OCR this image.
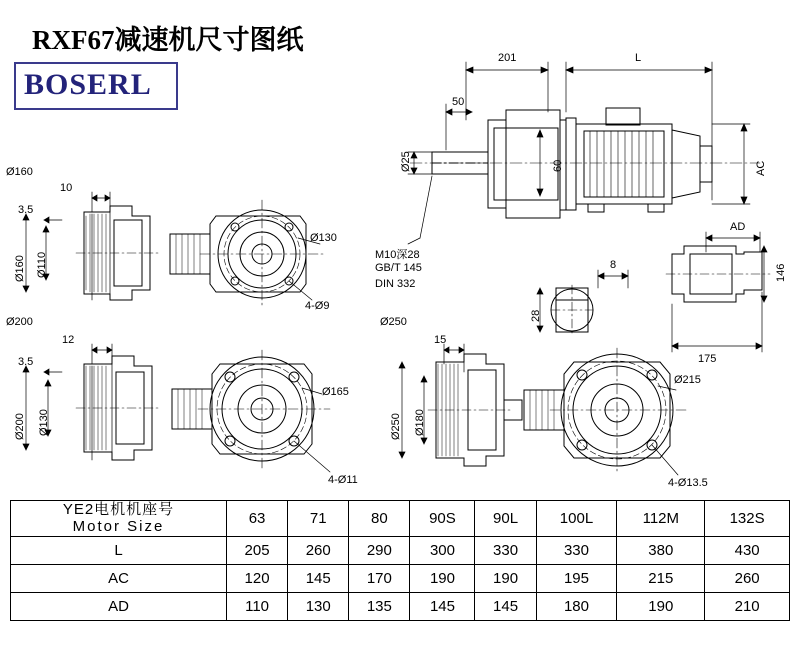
RXF67减速机尺寸图纸
BOSERL
Ø160
10
3.5
Ø160 Ø110
Ø130
4-Ø9
Ø200
12
3.5
Ø200 Ø130
Ø165
4-Ø11
Ø250
15
Ø250 Ø180
Ø215
4-Ø13.5
201	L
50
Ø25	60	AC
M10深28
GB/T 145
DIN 332
8
28
AD
146
175
YE2电机机座号
Motor Size	63	71	80	90S	90L	100L	112M	132S
L	205	260	290	300	330	330	380	430
AC	120	145	170	190	190	195	215	260
AD	110	130	135	145	145	180	190	210
